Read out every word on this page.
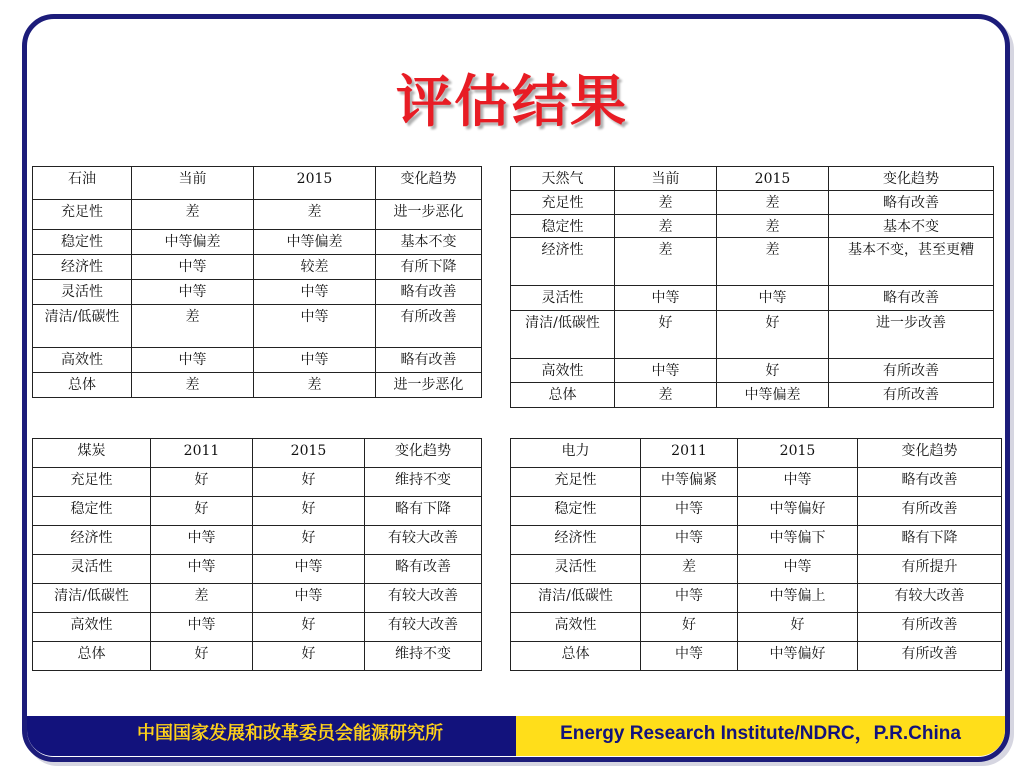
评估结果
石油	当前	2015	变化趋势
充足性	差	差	进一步恶化
稳定性	中等偏差	中等偏差	基本不变
经济性	中等	较差	有所下降
灵活性	中等	中等	略有改善
清洁/低碳性	差	中等	有所改善
高效性	中等	中等	略有改善
总体	差	差	进一步恶化
天然气	当前	2015	变化趋势
充足性	差	差	略有改善
稳定性	差	差	基本不变
经济性	差	差	基本不变，甚至更糟
灵活性	中等	中等	略有改善
清洁/低碳性	好	好	进一步改善
高效性	中等	好	有所改善
总体	差	中等偏差	有所改善
煤炭	2011	2015	变化趋势
充足性	好	好	维持不变
稳定性	好	好	略有下降
经济性	中等	好	有较大改善
灵活性	中等	中等	略有改善
清洁/低碳性	差	中等	有较大改善
高效性	中等	好	有较大改善
总体	好	好	维持不变
电力	2011	2015	变化趋势
充足性	中等偏紧	中等	略有改善
稳定性	中等	中等偏好	有所改善
经济性	中等	中等偏下	略有下降
灵活性	差	中等	有所提升
清洁/低碳性	中等	中等偏上	有较大改善
高效性	好	好	有所改善
总体	中等	中等偏好	有所改善
中国国家发展和改革委员会能源研究所	Energy Research Institute/NDRC，P.R.China
